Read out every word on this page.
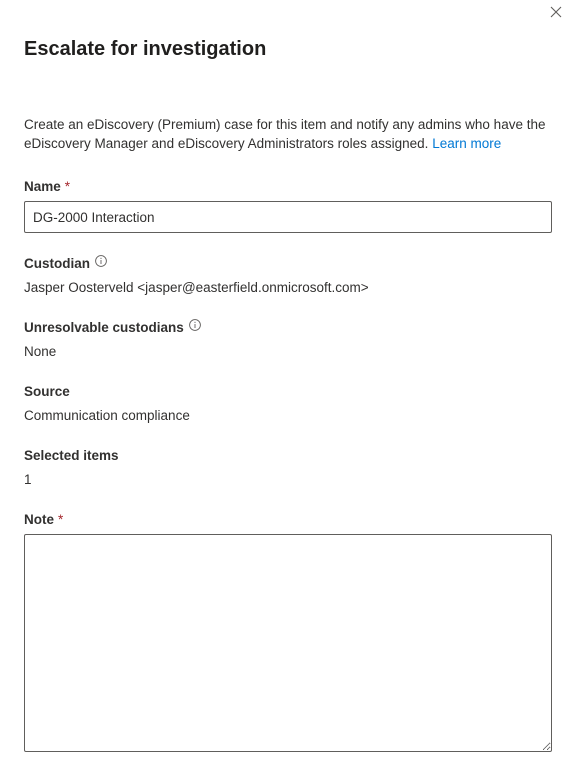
Escalate for investigation

Create an eDiscovery (Premium) case for this item and notify any admins who have the eDiscovery Manager and eDiscovery Administrators roles assigned. Learn more

Name *
DG-2000 Interaction
Custodian
Jasper Oosterveld <jasper@easterfield.onmicrosoft.com>
Unresolvable custodians
None
Source
Communication compliance
Selected items
1
Note *
